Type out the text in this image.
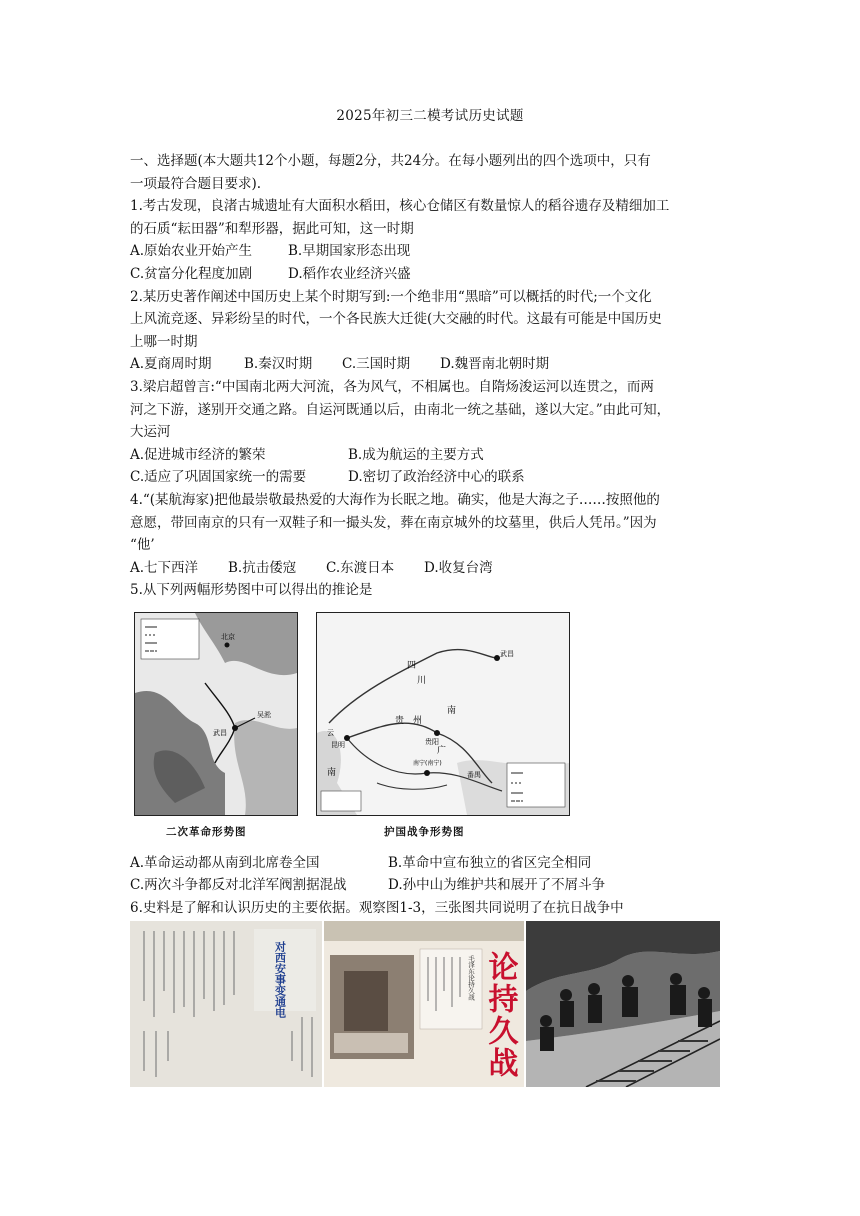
2025年初三二模考试历史试题

一、选择题(本大题共12个小题，每题2分，共24分。在每小题列出的四个选项中，只有

一项最符合题目要求).

1.考古发现，良渚古城遗址有大面积水稻田，核心仓储区有数量惊人的稻谷遗存及精细加工

的石质“耘田器”和犁形器，据此可知，这一时期

A.原始农业开始产生	B.早期国家形态出现
C.贫富分化程度加剧	D.稻作农业经济兴盛

2.某历史著作阐述中国历史上某个时期写到:一个绝非用“黑暗”可以概括的时代;一个文化

上风流竞逐、异彩纷呈的时代，一个各民族大迁徙(大交融的时代。这最有可能是中国历史

上哪一时期

A.夏商周时期	B.秦汉时期	C.三国时期	D.魏晋南北朝时期

3.梁启超曾言:“中国南北两大河流，各为风气，不相属也。自隋炀浚运河以连贯之，而两

河之下游，遂别开交通之路。自运河既通以后，由南北一统之基础，遂以大定。”由此可知，

大运河

A.促进城市经济的繁荣	B.成为航运的主要方式
C.适应了巩固国家统一的需要	D.密切了政治经济中心的联系

4.“(某航海家)把他最崇敬最热爱的大海作为长眠之地。确实，他是大海之子……按照他的

意愿，带回南京的只有一双鞋子和一撮头发，葬在南京城外的坟墓里，供后人凭吊。”因为

“他’

A.七下西洋	B.抗击倭寇	C.东渡日本	D.收复台湾

5.从下列两幅形势图中可以得出的推论是

北京
武昌
吴淞
二次革命形势图
四
川
南
武昌
贵阳
云
昆明
南宁(南宁)
番禺
贵 州
广
南
护国战争形势图
A.革命运动都从南到北席卷全国	B.革命中宣布独立的省区完全相同
C.两次斗争都反对北洋军阀割据混战	D.孙中山为维护共和展开了不屑斗争

6.史料是了解和认识历史的主要依据。观察图1-3，三张图共同说明了在抗日战争中

对西安事变通电	毛泽东论持久战 论持久战
